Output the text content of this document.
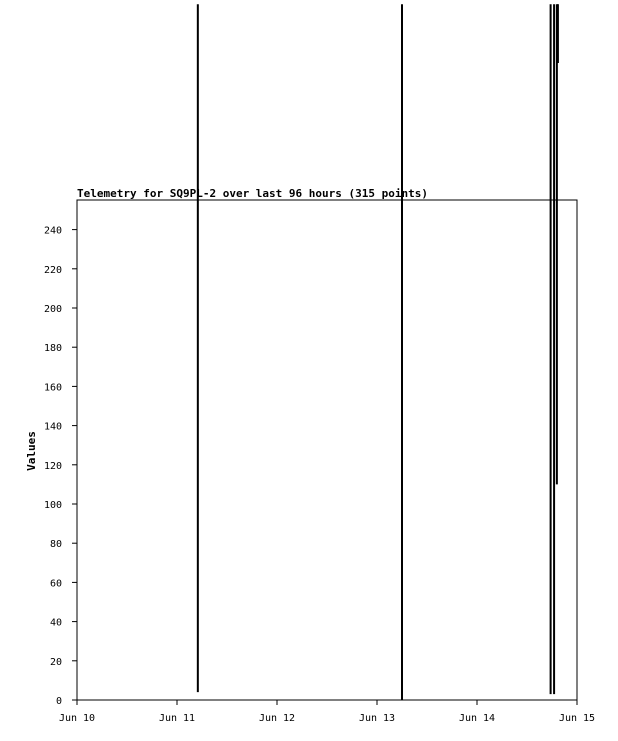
Telemetry for SQ9PL-2 over last 96 hours (315 points)
0
20
40
60
80
100
120
140
160
180
200
220
240
Jun 10	Jun 11	Jun 12	Jun 13	Jun 14	Jun 15
Values
